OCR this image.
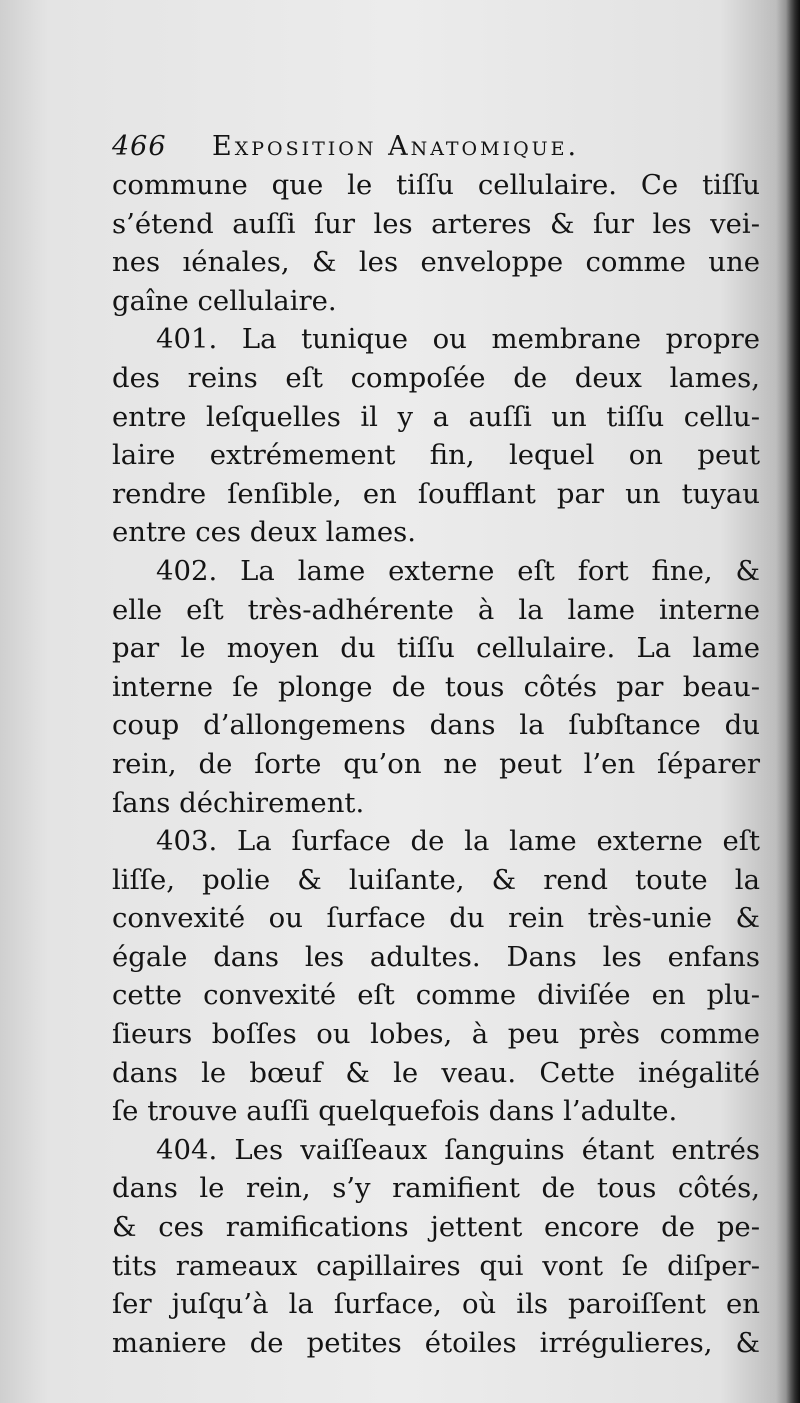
466	Exposition Anatomique.
commune que le tiſſu cellulaire. Ce tiſſu
s’étend auſſi ſur les arteres & ſur les vei-
nes ıénales, & les enveloppe comme une
gaîne cellulaire.
401. La tunique ou membrane propre
des reins eſt compoſée de deux lames,
entre leſquelles il y a auſſi un tiſſu cellu-
laire extrémement fin, lequel on peut
rendre ſenſible, en ſoufflant par un tuyau
entre ces deux lames.
402. La lame externe eſt fort fine, &
elle eſt très-adhérente à la lame interne
par le moyen du tiſſu cellulaire. La lame
interne ſe plonge de tous côtés par beau-
coup d’allongemens dans la ſubſtance du
rein, de ſorte qu’on ne peut l’en ſéparer
ſans déchirement.
403. La ſurface de la lame externe eſt
liſſe, polie & luiſante, & rend toute la
convexité ou ſurface du rein très-unie &
égale dans les adultes. Dans les enfans
cette convexité eſt comme diviſée en plu-
ſieurs boſſes ou lobes, à peu près comme
dans le bœuf & le veau. Cette inégalité
ſe trouve auſſi quelquefois dans l’adulte.
404. Les vaiſſeaux ſanguins étant entrés
dans le rein, s’y ramifient de tous côtés,
& ces ramifications jettent encore de pe-
tits rameaux capillaires qui vont ſe diſper-
ſer juſqu’à la ſurface, où ils paroiſſent en
maniere de petites étoiles irrégulieres, &
